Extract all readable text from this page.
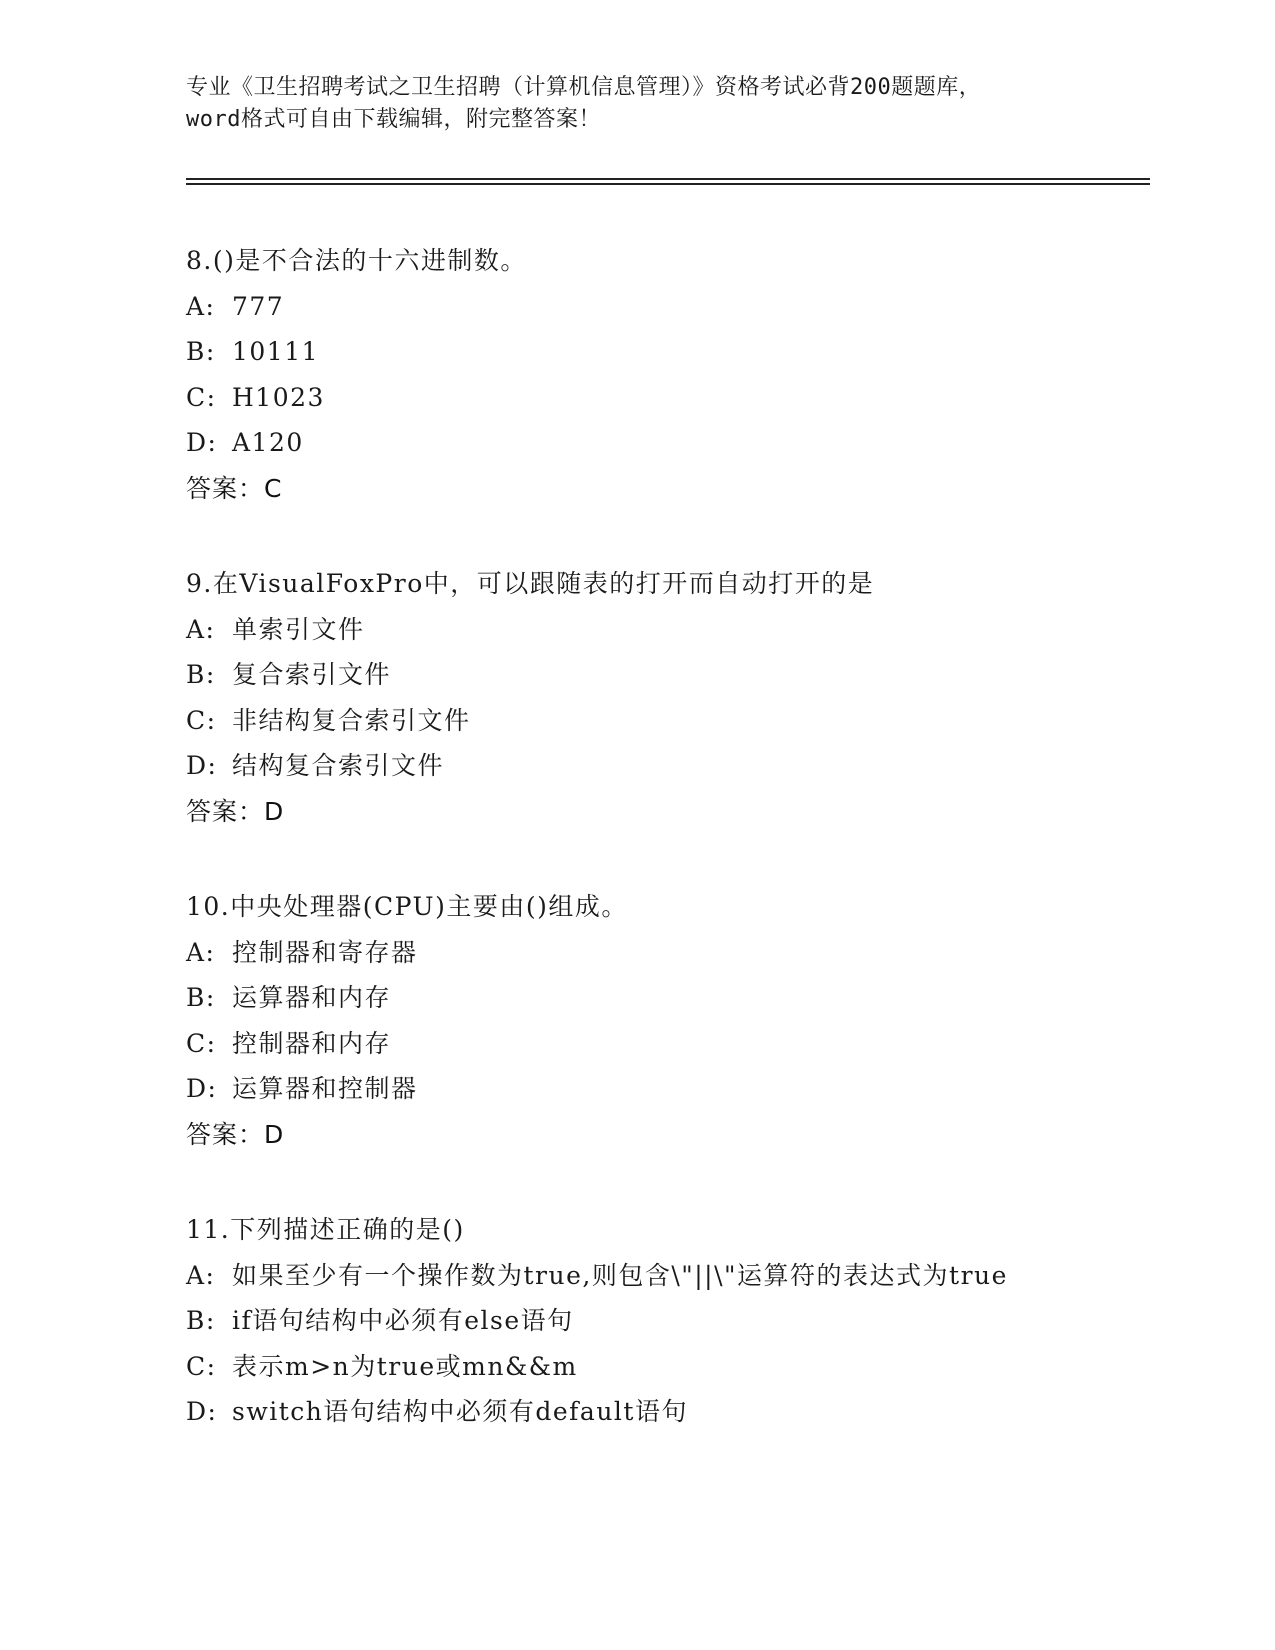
专业《卫生招聘考试之卫生招聘（计算机信息管理）》资格考试必背200题题库，
word格式可自由下载编辑，附完整答案！
8.()是不合法的十六进制数。
A: 777
B: 10111
C: H1023
D: A120
答案：C
9.在VisualFoxPro中，可以跟随表的打开而自动打开的是
A: 单索引文件
B: 复合索引文件
C: 非结构复合索引文件
D: 结构复合索引文件
答案：D
10.中央处理器(CPU)主要由()组成。
A: 控制器和寄存器
B: 运算器和内存
C: 控制器和内存
D: 运算器和控制器
答案：D
11.下列描述正确的是()
A: 如果至少有一个操作数为true,则包含\"||\"运算符的表达式为true
B: if语句结构中必须有else语句
C: 表示m>n为true或mn&&m
D: switch语句结构中必须有default语句
